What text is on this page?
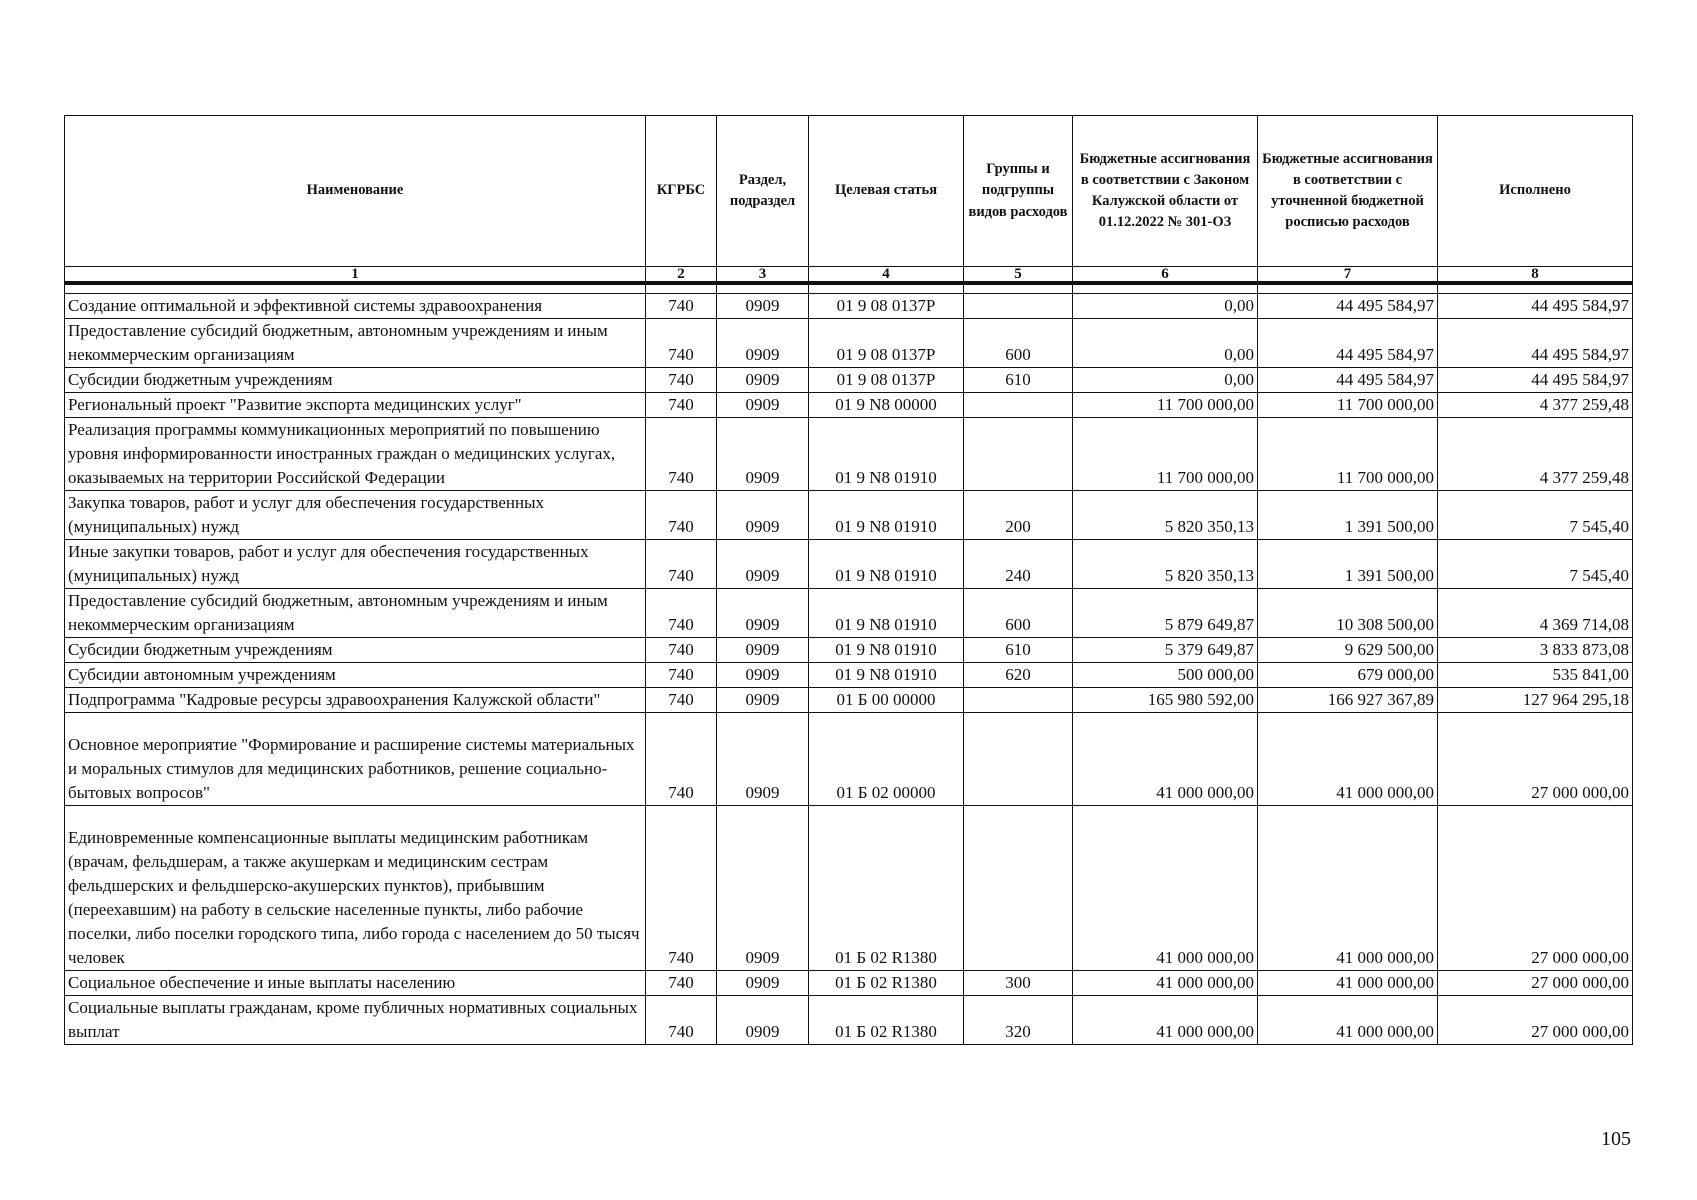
Наименование	КГРБС	Раздел, подраздел	Целевая статья	Группы и подгруппы видов расходов	Бюджетные ассигнования в соответствии с Законом Калужской области от 01.12.2022 № 301-ОЗ	Бюджетные ассигнования в соответствии с уточненной бюджетной росписью расходов	Исполнено
1	2	3	4	5	6	7	8

Создание оптимальной и эффективной системы здравоохранения	740	0909	01 9 08 0137Р		0,00	44 495 584,97	44 495 584,97
Предоставление субсидий бюджетным, автономным учреждениям и иным некоммерческим организациям	740	0909	01 9 08 0137Р	600	0,00	44 495 584,97	44 495 584,97
Субсидии бюджетным учреждениям	740	0909	01 9 08 0137Р	610	0,00	44 495 584,97	44 495 584,97
Региональный проект "Развитие экспорта медицинских услуг"	740	0909	01 9 N8 00000		11 700 000,00	11 700 000,00	4 377 259,48
Реализация программы коммуникационных мероприятий по повышению уровня информированности иностранных граждан о медицинских услугах, оказываемых на территории Российской Федерации	740	0909	01 9 N8 01910		11 700 000,00	11 700 000,00	4 377 259,48
Закупка товаров, работ и услуг для обеспечения государственных (муниципальных) нужд	740	0909	01 9 N8 01910	200	5 820 350,13	1 391 500,00	7 545,40
Иные закупки товаров, работ и услуг для обеспечения государственных (муниципальных) нужд	740	0909	01 9 N8 01910	240	5 820 350,13	1 391 500,00	7 545,40
Предоставление субсидий бюджетным, автономным учреждениям и иным некоммерческим организациям	740	0909	01 9 N8 01910	600	5 879 649,87	10 308 500,00	4 369 714,08
Субсидии бюджетным учреждениям	740	0909	01 9 N8 01910	610	5 379 649,87	9 629 500,00	3 833 873,08
Субсидии автономным учреждениям	740	0909	01 9 N8 01910	620	500 000,00	679 000,00	535 841,00
Подпрограмма "Кадровые ресурсы здравоохранения Калужской области"	740	0909	01 Б 00 00000		165 980 592,00	166 927 367,89	127 964 295,18
Основное мероприятие "Формирование и расширение системы материальных и моральных стимулов для медицинских работников, решение социально-бытовых вопросов"	740	0909	01 Б 02 00000		41 000 000,00	41 000 000,00	27 000 000,00
Единовременные компенсационные выплаты медицинским работникам (врачам, фельдшерам, а также акушеркам и медицинским сестрам фельдшерских и фельдшерско-акушерских пунктов), прибывшим (переехавшим) на работу в сельские населенные пункты, либо рабочие поселки, либо поселки городского типа, либо города с населением до 50 тысяч человек	740	0909	01 Б 02 R1380		41 000 000,00	41 000 000,00	27 000 000,00
Социальное обеспечение и иные выплаты населению	740	0909	01 Б 02 R1380	300	41 000 000,00	41 000 000,00	27 000 000,00
Социальные выплаты гражданам, кроме публичных нормативных социальных выплат	740	0909	01 Б 02 R1380	320	41 000 000,00	41 000 000,00	27 000 000,00
105
